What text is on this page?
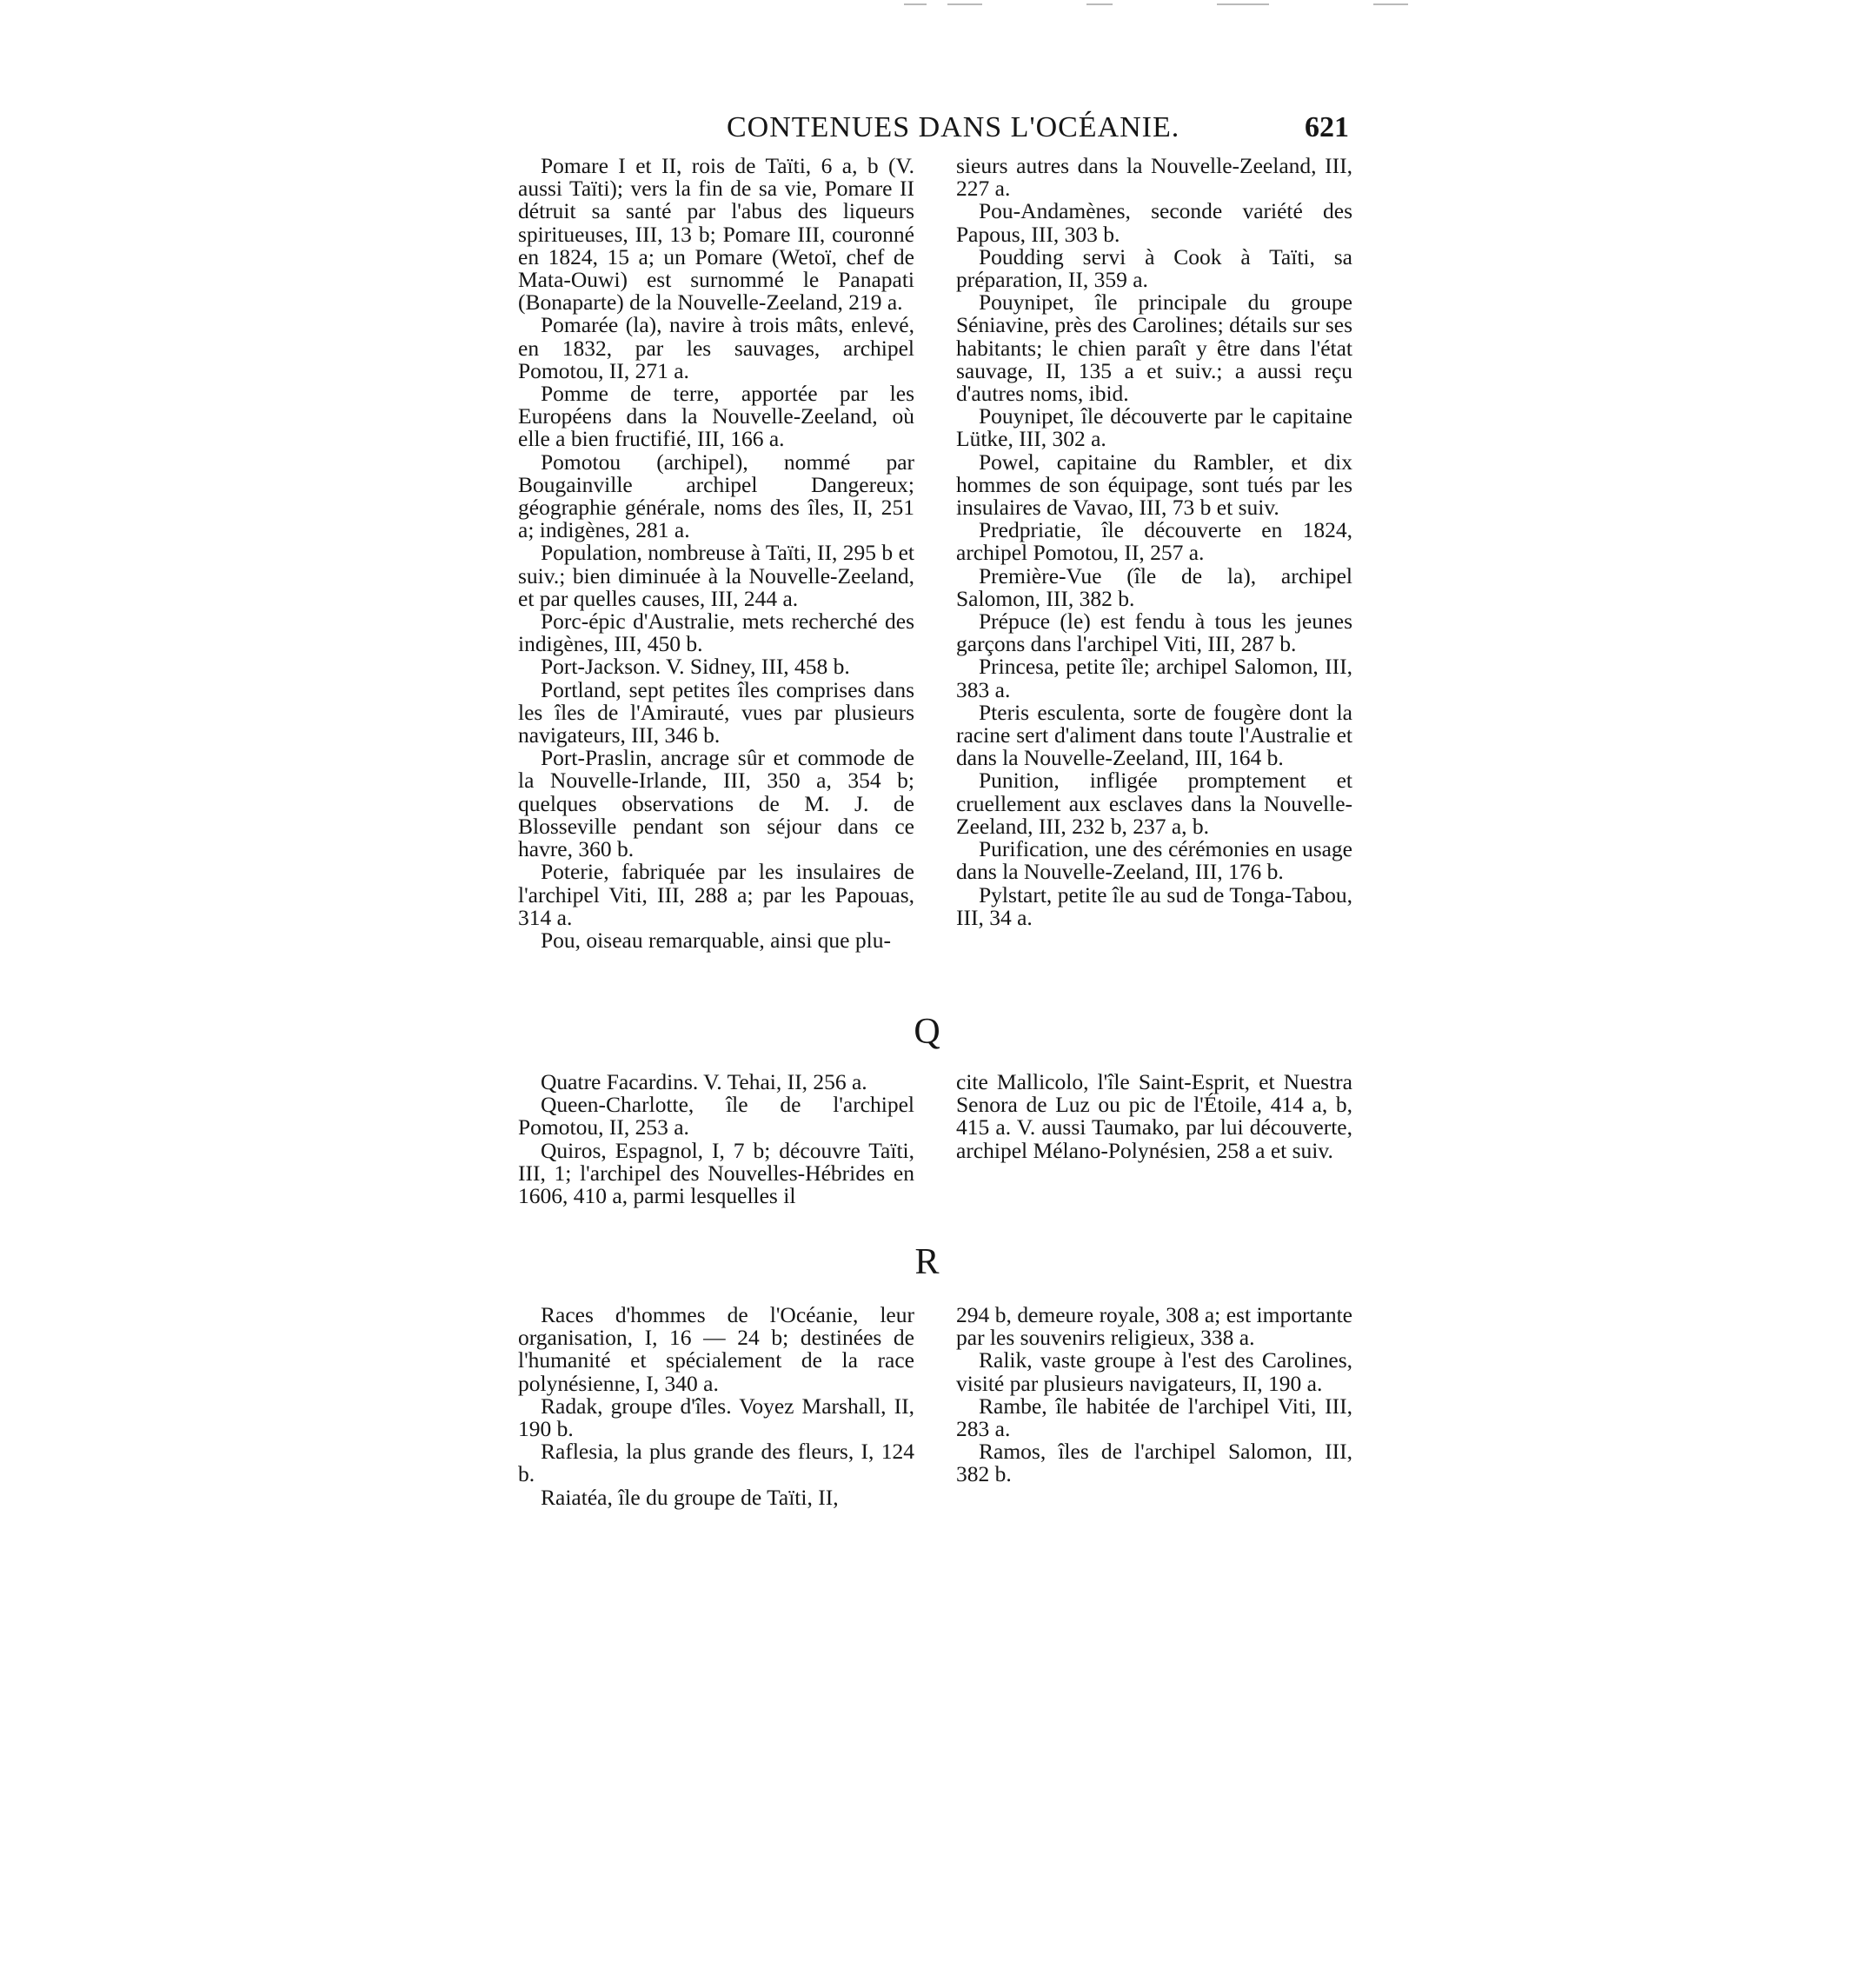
CONTENUES DANS L'OCÉANIE.	621

Pomare I et II, rois de Taïti, 6 a, b (V. aussi Taïti); vers la fin de sa vie, Pomare II détruit sa santé par l'abus des liqueurs spiritueuses, III, 13 b; Pomare III, couronné en 1824, 15 a; un Pomare (Wetoï, chef de Mata-Ouwi) est surnommé le Panapati (Bonaparte) de la Nouvelle-Zeeland, 219 a.

Pomarée (la), navire à trois mâts, enlevé, en 1832, par les sauvages, archipel Pomotou, II, 271 a.

Pomme de terre, apportée par les Européens dans la Nouvelle-Zeeland, où elle a bien fructifié, III, 166 a.

Pomotou (archipel), nommé par Bougainville archipel Dangereux; géographie générale, noms des îles, II, 251 a; indigènes, 281 a.

Population, nombreuse à Taïti, II, 295 b et suiv.; bien diminuée à la Nouvelle-Zeeland, et par quelles causes, III, 244 a.

Porc-épic d'Australie, mets recherché des indigènes, III, 450 b.

Port-Jackson. V. Sidney, III, 458 b.

Portland, sept petites îles comprises dans les îles de l'Amirauté, vues par plusieurs navigateurs, III, 346 b.

Port-Praslin, ancrage sûr et commode de la Nouvelle-Irlande, III, 350 a, 354 b; quelques observations de M. J. de Blosseville pendant son séjour dans ce havre, 360 b.

Poterie, fabriquée par les insulaires de l'archipel Viti, III, 288 a; par les Papouas, 314 a.

Pou, oiseau remarquable, ainsi que plu-

sieurs autres dans la Nouvelle-Zeeland, III, 227 a.

Pou-Andamènes, seconde variété des Papous, III, 303 b.

Poudding servi à Cook à Taïti, sa préparation, II, 359 a.

Pouynipet, île principale du groupe Séniavine, près des Carolines; détails sur ses habitants; le chien paraît y être dans l'état sauvage, II, 135 a et suiv.; a aussi reçu d'autres noms, ibid.

Pouynipet, île découverte par le capitaine Lütke, III, 302 a.

Powel, capitaine du Rambler, et dix hommes de son équipage, sont tués par les insulaires de Vavao, III, 73 b et suiv.

Predpriatie, île découverte en 1824, archipel Pomotou, II, 257 a.

Première-Vue (île de la), archipel Salomon, III, 382 b.

Prépuce (le) est fendu à tous les jeunes garçons dans l'archipel Viti, III, 287 b.

Princesa, petite île; archipel Salomon, III, 383 a.

Pteris esculenta, sorte de fougère dont la racine sert d'aliment dans toute l'Australie et dans la Nouvelle-Zeeland, III, 164 b.

Punition, infligée promptement et cruellement aux esclaves dans la Nouvelle-Zeeland, III, 232 b, 237 a, b.

Purification, une des cérémonies en usage dans la Nouvelle-Zeeland, III, 176 b.

Pylstart, petite île au sud de Tonga-Tabou, III, 34 a.

Q

Quatre Facardins. V. Tehai, II, 256 a.

Queen-Charlotte, île de l'archipel Pomotou, II, 253 a.

Quiros, Espagnol, I, 7 b; découvre Taïti, III, 1; l'archipel des Nouvelles-Hébrides en 1606, 410 a, parmi lesquelles il

cite Mallicolo, l'île Saint-Esprit, et Nuestra Senora de Luz ou pic de l'Étoile, 414 a, b, 415 a. V. aussi Taumako, par lui découverte, archipel Mélano-Polynésien, 258 a et suiv.

R

Races d'hommes de l'Océanie, leur organisation, I, 16 — 24 b; destinées de l'humanité et spécialement de la race polynésienne, I, 340 a.

Radak, groupe d'îles. Voyez Marshall, II, 190 b.

Raflesia, la plus grande des fleurs, I, 124 b.

Raiatéa, île du groupe de Taïti, II,

294 b, demeure royale, 308 a; est importante par les souvenirs religieux, 338 a.

Ralik, vaste groupe à l'est des Carolines, visité par plusieurs navigateurs, II, 190 a.

Rambe, île habitée de l'archipel Viti, III, 283 a.

Ramos, îles de l'archipel Salomon, III, 382 b.
